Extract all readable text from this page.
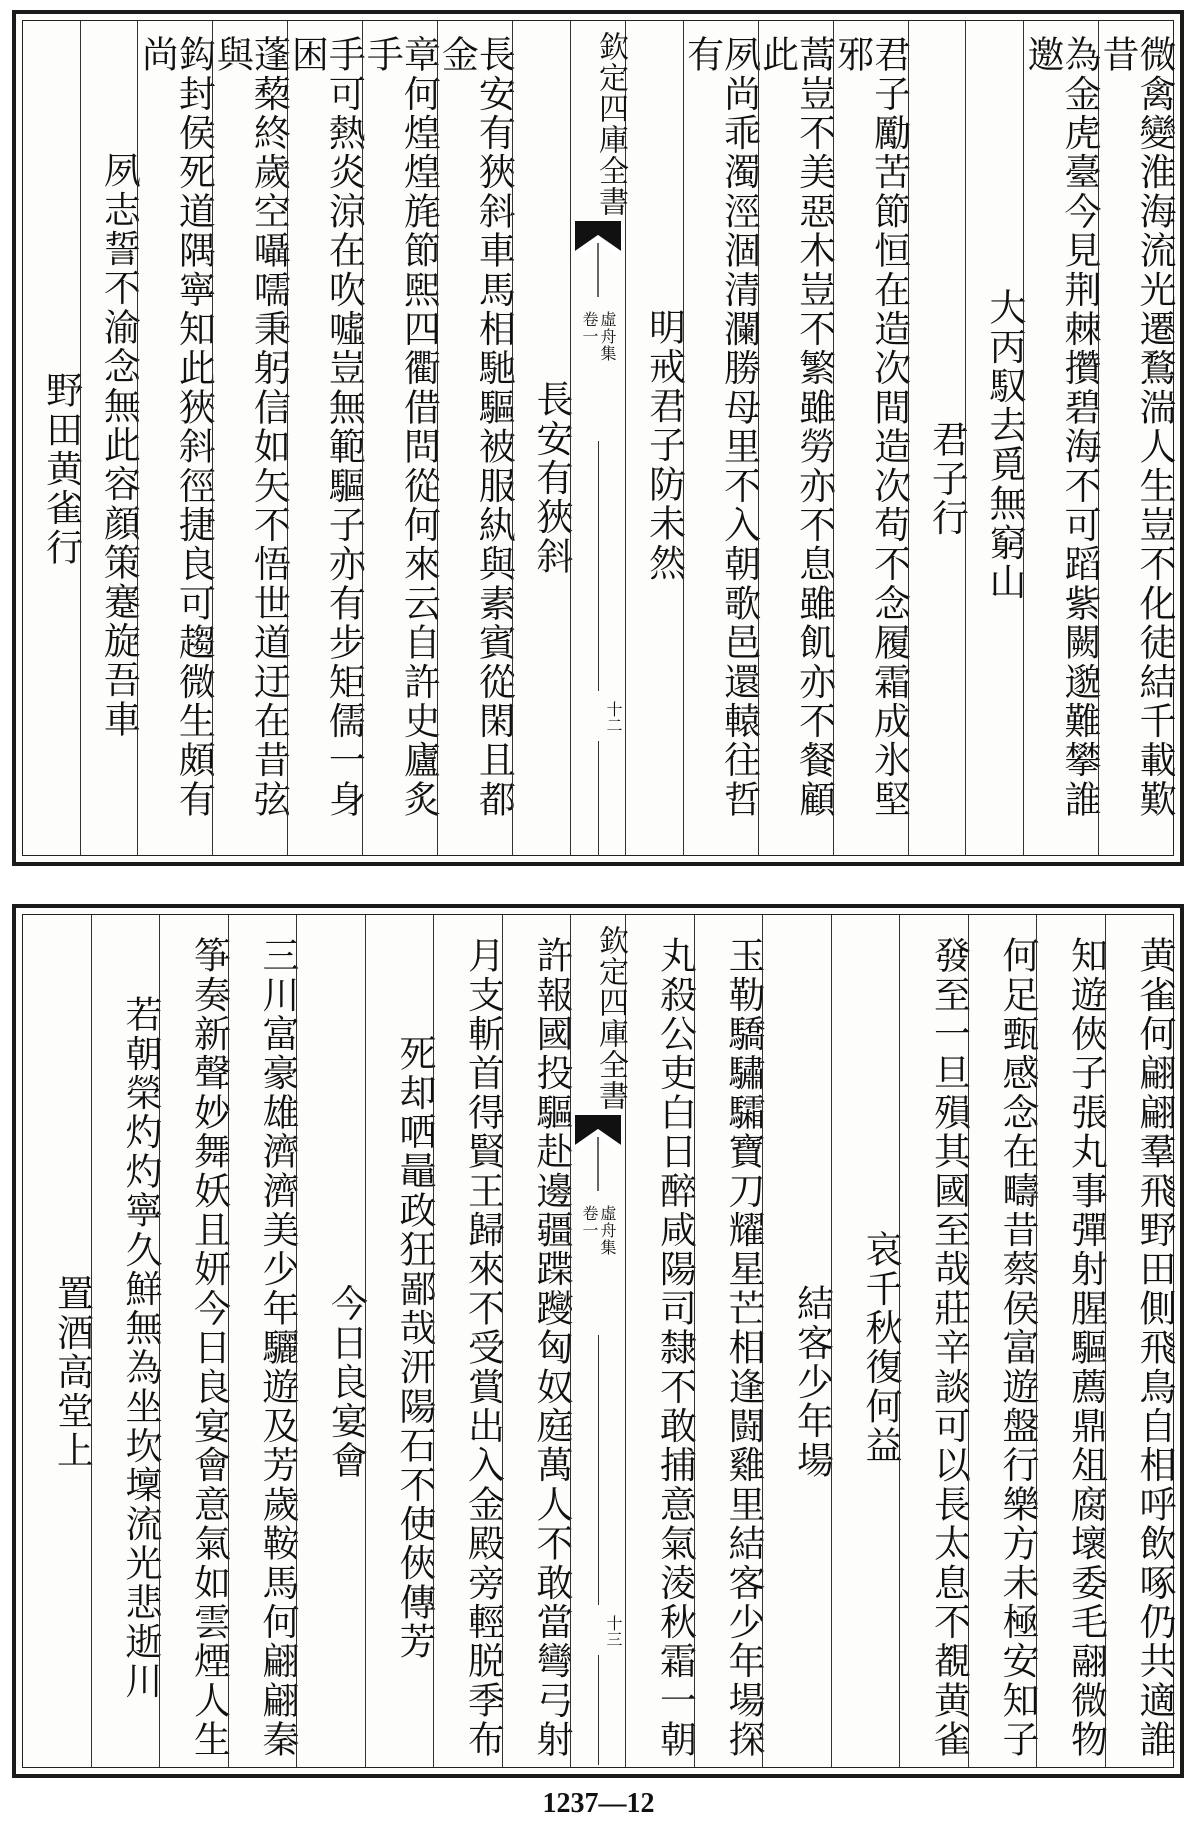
微禽變淮海流光遷鶩湍人生豈不化徒結千載歎昔
為金虎臺今見荆棘攢碧海不可蹈紫闕邈難攀誰邀
大丙馭去覓無窮山
君子行
君子勵苦節恒在造次間造次苟不念履霜成氷堅邪
蒿豈不美惡木豈不繁雖勞亦不息雖飢亦不餐顧此
夙尚乖濁涇涸清瀾勝母里不入朝歌邑還轅往哲有
明戒君子防未然
欽定四庫全書
虛舟集
卷一
十二
長安有狹斜
長安有狹斜車馬相馳驅被服紈與素賓從閑且都金
章何煌煌旄節煕四衢借問從何來云自許史廬炙手
手可熱炎涼在吹噓豈無範驅子亦有步矩儒一身困
蓬蔾終歲空囁嚅秉躬信如矢不悟世道迂在昔弦與
鈎封侯死道隅寧知此狹斜徑捷良可趨微生頗有尚
夙志誓不渝念無此容顔策蹇旋吾車
野田黄雀行
黄雀何翩翩羣飛野田側飛鳥自相呼飲啄仍共適誰
知遊俠子張丸事彈射腥驅薦鼎俎腐壞委毛翮微物
何足甄感念在疇昔蔡侯富遊盤行樂方未極安知子
發至一旦殞其國至哉莊辛談可以長太息不覩黄雀
哀千秋復何益
結客少年場
玉勒驕驌驦寶刀耀星芒相逢闘雞里結客少年場探
丸殺公吏白日醉咸陽司隸不敢捕意氣淩秋霜一朝
欽定四庫全書
虛舟集
卷一
十三
許報國投驅赴邊疆蹀躞匈奴庭萬人不敢當彎弓射
月支斬首得賢王歸來不受賞出入金殿旁輕脱季布
死却哂鼂政狂鄙哉汧陽石不使俠傳芳
今日良宴會
三川富豪雄濟濟美少年驪遊及芳歲鞍馬何翩翩秦
筝奏新聲妙舞妖且妍今日良宴會意氣如雲煙人生
若朝榮灼灼寧久鮮無為坐坎壈流光悲逝川
置酒高堂上
1237—12
